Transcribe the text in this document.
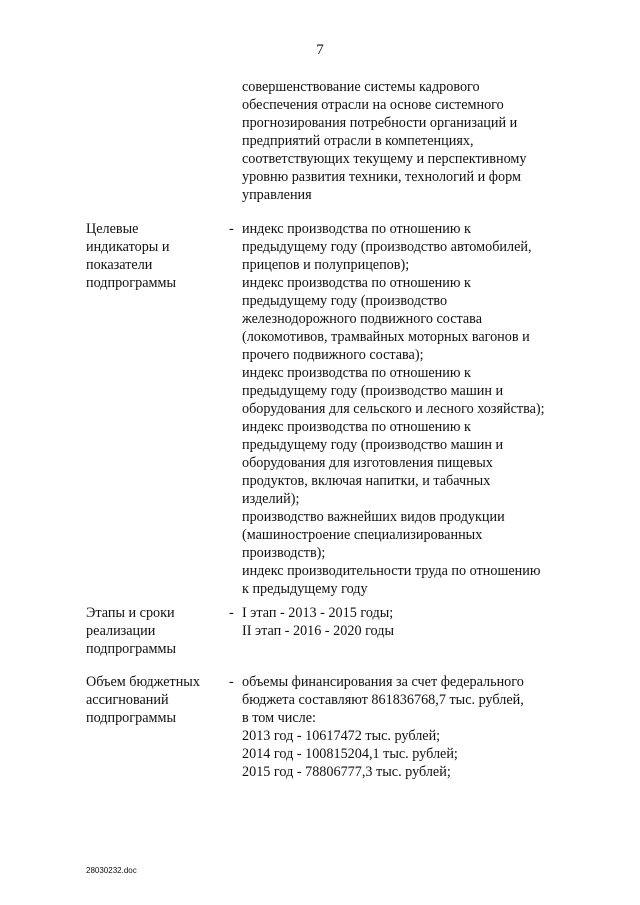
7
совершенствование системы кадрового
обеспечения отрасли на основе системного
прогнозирования потребности организаций и
предприятий отрасли в компетенциях,
соответствующих текущему и перспективному
уровню развития техники, технологий и форм
управления
Целевые
индикаторы и
показатели
подпрограммы
- индекс производства по отношению к
предыдущему году (производство автомобилей,
прицепов и полуприцепов);
индекс производства по отношению к
предыдущему году (производство
железнодорожного подвижного состава
(локомотивов, трамвайных моторных вагонов и
прочего подвижного состава);
индекс производства по отношению к
предыдущему году (производство машин и
оборудования для сельского и лесного хозяйства);
индекс производства по отношению к
предыдущему году (производство машин и
оборудования для изготовления пищевых
продуктов, включая напитки, и табачных
изделий);
производство важнейших видов продукции
(машиностроение специализированных
производств);
индекс производительности труда по отношению
к предыдущему году
Этапы и сроки
реализации
подпрограммы
- I этап - 2013 - 2015 годы;
II этап - 2016 - 2020 годы
Объем бюджетных
ассигнований
подпрограммы
- объемы финансирования за счет федерального
бюджета составляют 861836768,7 тыс. рублей,
в том числе:
2013 год - 10617472 тыс. рублей;
2014 год - 100815204,1 тыс. рублей;
2015 год - 78806777,3 тыс. рублей;
28030232.doc
